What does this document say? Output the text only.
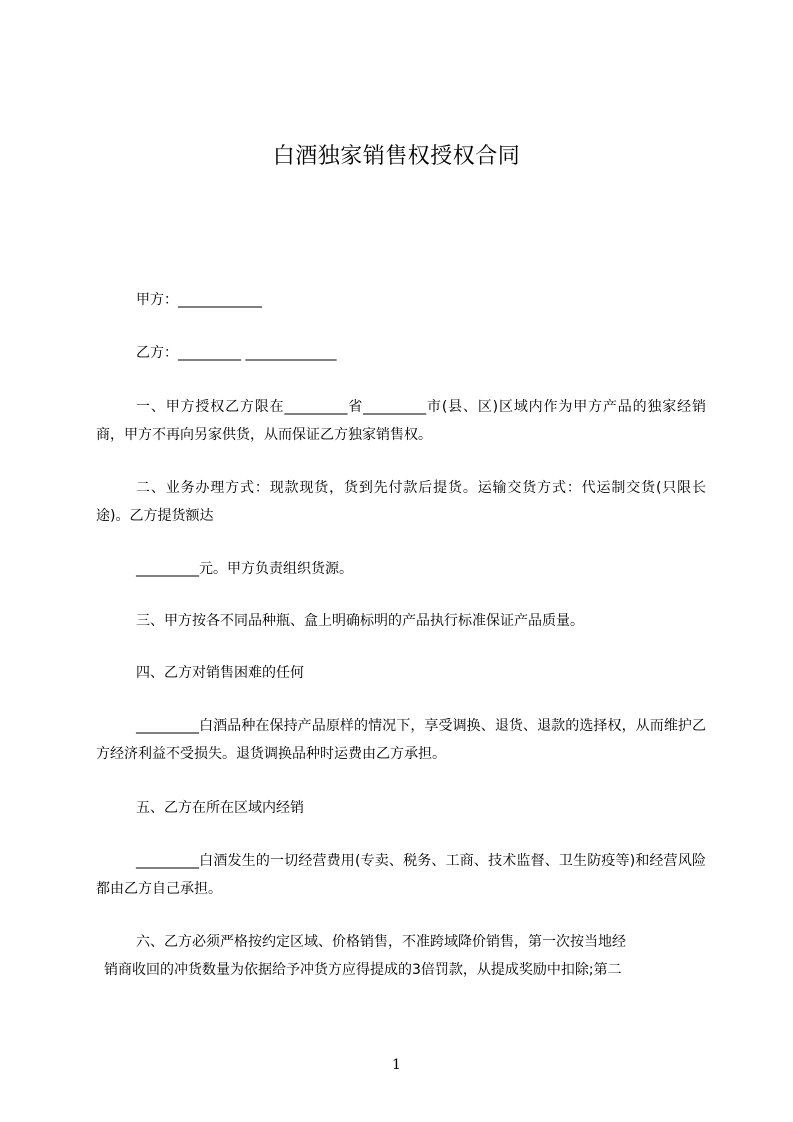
白酒独家销售权授权合同
甲方：____________
乙方：_________ _____________
一、甲方授权乙方限在_________省_________市(县、区)区域内作为甲方产品的独家经销商，甲方不再向另家供货，从而保证乙方独家销售权。
二、业务办理方式：现款现货，货到先付款后提货。运输交货方式：代运制交货(只限长途)。乙方提货额达
_________元。甲方负责组织货源。
三、甲方按各不同品种瓶、盒上明确标明的产品执行标准保证产品质量。
四、乙方对销售困难的任何
_________白酒品种在保持产品原样的情况下，享受调换、退货、退款的选择权，从而维护乙方经济利益不受损失。退货调换品种时运费由乙方承担。
五、乙方在所在区域内经销
_________白酒发生的一切经营费用(专卖、税务、工商、技术监督、卫生防疫等)和经营风险都由乙方自己承担。
六、乙方必须严格按约定区域、价格销售，不准跨域降价销售，第一次按当地经
销商收回的冲货数量为依据给予冲货方应得提成的3倍罚款，从提成奖励中扣除;第二
1
